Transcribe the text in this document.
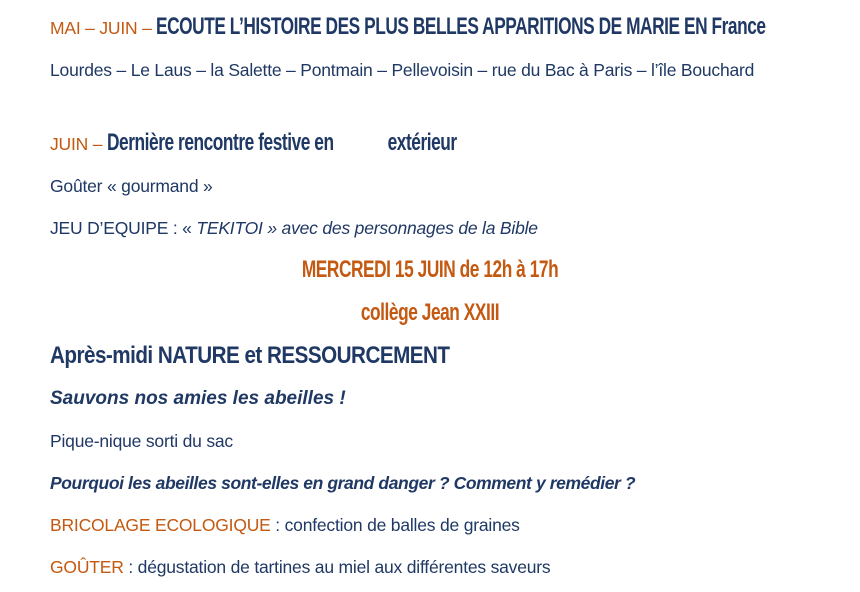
MAI – JUIN – ECOUTE L’HISTOIRE DES PLUS BELLES APPARITIONS DE MARIE EN France

Lourdes – Le Laus – la Salette – Pontmain – Pellevoisin – rue du Bac à Paris – l’île Bouchard

JUIN – Dernière rencontre festive en extérieur

Goûter « gourmand »

JEU D’EQUIPE : « TEKITOI » avec des personnages de la Bible

MERCREDI 15 JUIN de 12h à 17h

collège Jean XXIII

Après-midi NATURE et RESSOURCEMENT

Sauvons nos amies les abeilles !

Pique-nique sorti du sac

Pourquoi les abeilles sont-elles en grand danger ? Comment y remédier ?

BRICOLAGE ECOLOGIQUE : confection de balles de graines

GOÛTER : dégustation de tartines au miel aux différentes saveurs
